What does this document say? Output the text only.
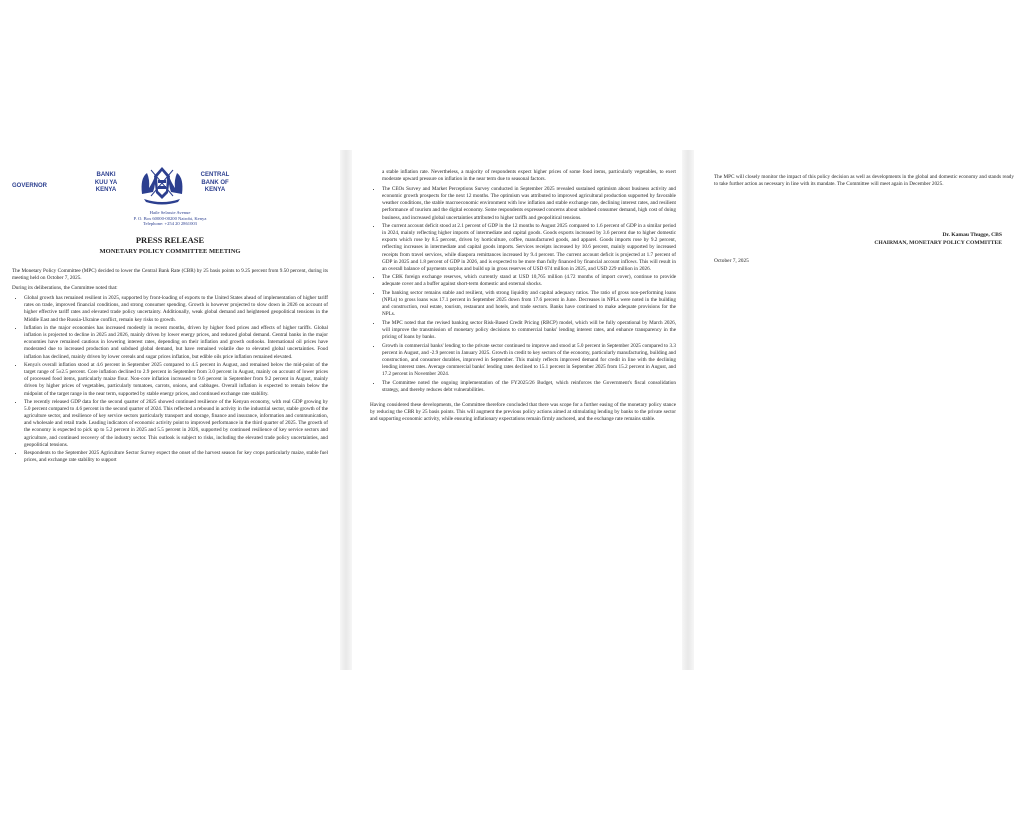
GOVERNOR
BANKI
KUU YA
KENYA
CENTRAL
BANK OF
KENYA
Haile Selassie Avenue
P. O. Box 60000-00200 Nairobi, Kenya
Telephone: +254 20 2861003
PRESS RELEASE
MONETARY POLICY COMMITTEE MEETING

The Monetary Policy Committee (MPC) decided to lower the Central Bank Rate (CBR) by 25 basis points to 9.25 percent from 9.50 percent, during its meeting held on October 7, 2025.

During its deliberations, the Committee noted that:

• Global growth has remained resilient in 2025, supported by front-loading of exports to the United States ahead of implementation of higher tariff rates on trade, improved financial conditions, and strong consumer spending. Growth is however projected to slow down in 2026 on account of higher effective tariff rates and elevated trade policy uncertainty. Additionally, weak global demand and heightened geopolitical tensions in the Middle East and the Russia-Ukraine conflict, remain key risks to growth.
• Inflation in the major economies has increased modestly in recent months, driven by higher food prices and effects of higher tariffs. Global inflation is projected to decline in 2025 and 2026, mainly driven by lower energy prices, and reduced global demand. Central banks in the major economies have remained cautious in lowering interest rates, depending on their inflation and growth outlooks. International oil prices have moderated due to increased production and subdued global demand, but have remained volatile due to elevated global uncertainties. Food inflation has declined, mainly driven by lower cereals and sugar prices inflation, but edible oils price inflation remained elevated.
• Kenya's overall inflation stood at 4.6 percent in September 2025 compared to 4.5 percent in August, and remained below the mid-point of the target range of 5±2.5 percent. Core inflation declined to 2.9 percent in September from 3.0 percent in August, mainly on account of lower prices of processed food items, particularly maize flour. Non-core inflation increased to 9.6 percent in September from 9.2 percent in August, mainly driven by higher prices of vegetables, particularly tomatoes, carrots, onions, and cabbages. Overall inflation is expected to remain below the midpoint of the target range in the near term, supported by stable energy prices, and continued exchange rate stability.
• The recently released GDP data for the second quarter of 2025 showed continued resilience of the Kenyan economy, with real GDP growing by 5.0 percent compared to 4.6 percent in the second quarter of 2024. This reflected a rebound in activity in the industrial sector, stable growth of the agriculture sector, and resilience of key service sectors particularly transport and storage, finance and insurance, information and communication, and wholesale and retail trade. Leading indicators of economic activity point to improved performance in the third quarter of 2025. The growth of the economy is expected to pick up to 5.2 percent in 2025 and 5.5 percent in 2026, supported by continued resilience of key service sectors and agriculture, and continued recovery of the industry sector. This outlook is subject to risks, including the elevated trade policy uncertainties, and geopolitical tensions.
• Respondents to the September 2025 Agriculture Sector Survey expect the onset of the harvest season for key crops particularly maize, stable fuel prices, and exchange rate stability to support

a stable inflation rate. Nevertheless, a majority of respondents expect higher prices of some food items, particularly vegetables, to exert moderate upward pressure on inflation in the near term due to seasonal factors.

• The CEOs Survey and Market Perceptions Survey conducted in September 2025 revealed sustained optimism about business activity and economic growth prospects for the next 12 months. The optimism was attributed to improved agricultural production supported by favorable weather conditions, the stable macroeconomic environment with low inflation and stable exchange rate, declining interest rates, and resilient performance of tourism and the digital economy. Some respondents expressed concerns about subdued consumer demand, high cost of doing business, and increased global uncertainties attributed to higher tariffs and geopolitical tensions.
• The current account deficit stood at 2.1 percent of GDP in the 12 months to August 2025 compared to 1.6 percent of GDP in a similar period in 2024, mainly reflecting higher imports of intermediate and capital goods. Goods exports increased by 3.6 percent due to higher domestic exports which rose by 8.5 percent, driven by horticulture, coffee, manufactured goods, and apparel. Goods imports rose by 9.2 percent, reflecting increases in intermediate and capital goods imports. Services receipts increased by 10.6 percent, mainly supported by increased receipts from travel services, while diaspora remittances increased by 9.4 percent. The current account deficit is projected at 1.7 percent of GDP in 2025 and 1.8 percent of GDP in 2026, and is expected to be more than fully financed by financial account inflows. This will result in an overall balance of payments surplus and build up in gross reserves of USD 674 million in 2025, and USD 229 million in 2026.
• The CBK foreign exchange reserves, which currently stand at USD 10,765 million (4.72 months of import cover), continue to provide adequate cover and a buffer against short-term domestic and external shocks.
• The banking sector remains stable and resilient, with strong liquidity and capital adequacy ratios. The ratio of gross non-performing loans (NPLs) to gross loans was 17.1 percent in September 2025 down from 17.6 percent in June. Decreases in NPLs were noted in the building and construction, real estate, tourism, restaurant and hotels, and trade sectors. Banks have continued to make adequate provisions for the NPLs.
• The MPC noted that the revised banking sector Risk-Based Credit Pricing (RBCP) model, which will be fully operational by March 2026, will improve the transmission of monetary policy decisions to commercial banks' lending interest rates, and enhance transparency in the pricing of loans by banks.
• Growth in commercial banks' lending to the private sector continued to improve and stood at 5.0 percent in September 2025 compared to 3.3 percent in August, and -2.9 percent in January 2025. Growth in credit to key sectors of the economy, particularly manufacturing, building and construction, and consumer durables, improved in September. This mainly reflects improved demand for credit in line with the declining lending interest rates. Average commercial banks' lending rates declined to 15.1 percent in September 2025 from 15.2 percent in August, and 17.2 percent in November 2024.
• The Committee noted the ongoing implementation of the FY2025/26 Budget, which reinforces the Government's fiscal consolidation strategy, and thereby reduces debt vulnerabilities.

Having considered these developments, the Committee therefore concluded that there was scope for a further easing of the monetary policy stance by reducing the CBR by 25 basis points. This will augment the previous policy actions aimed at stimulating lending by banks to the private sector and supporting economic activity, while ensuring inflationary expectations remain firmly anchored, and the exchange rate remains stable.

The MPC will closely monitor the impact of this policy decision as well as developments in the global and domestic economy and stands ready to take further action as necessary in line with its mandate. The Committee will meet again in December 2025.

Dr. Kamau Thugge, CBS
CHAIRMAN, MONETARY POLICY COMMITTEE
October 7, 2025
